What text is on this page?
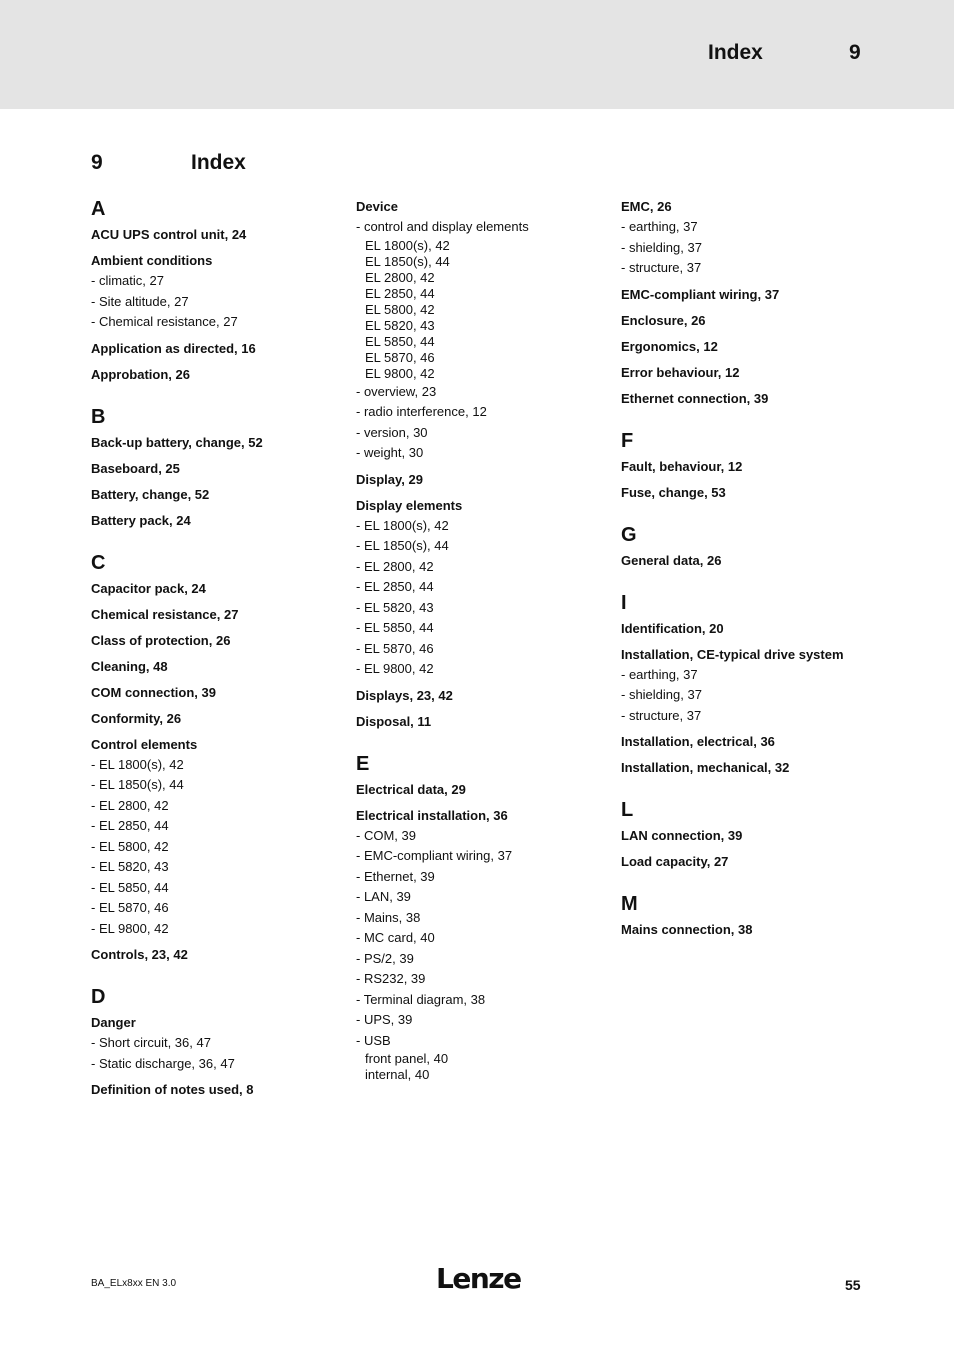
Index	9
9	Index
A
ACU UPS control unit, 24
Ambient conditions
- climatic, 27
- Site altitude, 27
- Chemical resistance, 27
Application as directed, 16
Approbation, 26
B
Back-up battery, change, 52
Baseboard, 25
Battery, change, 52
Battery pack, 24
C
Capacitor pack, 24
Chemical resistance, 27
Class of protection, 26
Cleaning, 48
COM connection, 39
Conformity, 26
Control elements
- EL 1800(s), 42
- EL 1850(s), 44
- EL 2800, 42
- EL 2850, 44
- EL 5800, 42
- EL 5820, 43
- EL 5850, 44
- EL 5870, 46
- EL 9800, 42
Controls, 23, 42
D
Danger
- Short circuit, 36, 47
- Static discharge, 36, 47
Definition of notes used, 8
Device
- control and display elements
EL 1800(s), 42
EL 1850(s), 44
EL 2800, 42
EL 2850, 44
EL 5800, 42
EL 5820, 43
EL 5850, 44
EL 5870, 46
EL 9800, 42
- overview, 23
- radio interference, 12
- version, 30
- weight, 30
Display, 29
Display elements
- EL 1800(s), 42
- EL 1850(s), 44
- EL 2800, 42
- EL 2850, 44
- EL 5820, 43
- EL 5850, 44
- EL 5870, 46
- EL 9800, 42
Displays, 23, 42
Disposal, 11
E
Electrical data, 29
Electrical installation, 36
- COM, 39
- EMC-compliant wiring, 37
- Ethernet, 39
- LAN, 39
- Mains, 38
- MC card, 40
- PS/2, 39
- RS232, 39
- Terminal diagram, 38
- UPS, 39
- USB
front panel, 40
internal, 40
EMC, 26
- earthing, 37
- shielding, 37
- structure, 37
EMC-compliant wiring, 37
Enclosure, 26
Ergonomics, 12
Error behaviour, 12
Ethernet connection, 39
F
Fault, behaviour, 12
Fuse, change, 53
G
General data, 26
I
Identification, 20
Installation, CE-typical drive system
- earthing, 37
- shielding, 37
- structure, 37
Installation, electrical, 36
Installation, mechanical, 32
L
LAN connection, 39
Load capacity, 27
M
Mains connection, 38
BA_ELx8xx EN 3.0	Lenze	55
